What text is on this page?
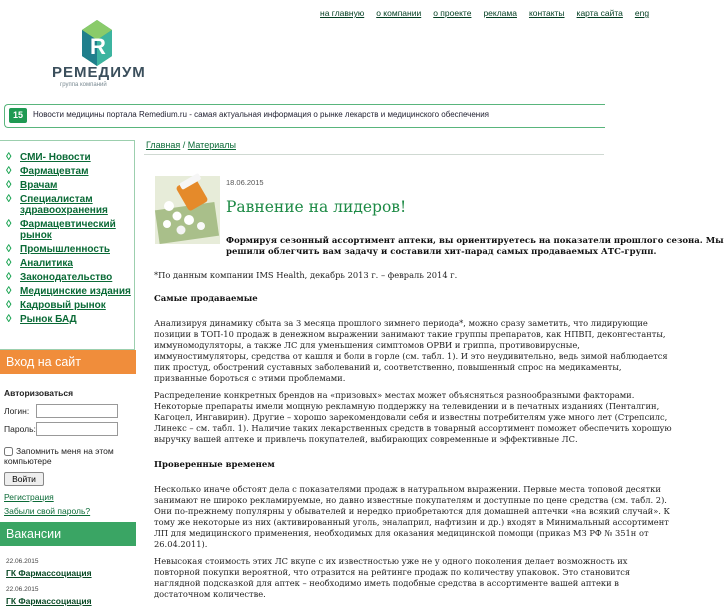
R
РЕМЕДИУМ
группа компаний
на главную о компании о проекте реклама контакты карта сайта eng
15	Новости медицины портала Remedium.ru - самая актуальная информация о рынке лекарств и медицинского обеспечения
◊ СМИ- Новости
◊ Фармацевтам
◊ Врачам
◊ Специалистам здравоохранения
◊ Фармацевтический рынок
◊ Промышленность
◊ Аналитика
◊ Законодательство
◊ Медицинские издания
◊ Кадровый рынок
◊ Рынок БАД
Вход на сайт
Авторизоваться
Логин:
Пароль:
Запомнить меня на этом компьютере
Войти
Регистрация
Забыли свой пароль?
Вакансии
22.06.2015
ГК Фармассоциация
22.06.2015
ГК Фармассоциация
Главная / Материалы
18.06.2015
Равнение на лидеров!
Формируя сезонный ассортимент аптеки, вы ориентируетесь на показатели прошлого сезона. Мы решили облегчить вам задачу и составили хит-парад самых продаваемых АТС-групп.
*По данным компании IMS Health, декабрь 2013 г. – февраль 2014 г.
Самые продаваемые
Анализируя динамику сбыта за 3 месяца прошлого зимнего периода*, можно сразу заметить, что лидирующие позиции в ТОП-10 продаж в денежном выражении занимают такие группы препаратов, как НПВП, деконгестанты, иммуномодуляторы, а также ЛС для уменьшения симптомов ОРВИ и гриппа, противовирусные, иммуностимуляторы, средства от кашля и боли в горле (см. табл. 1). И это неудивительно, ведь зимой наблюдается пик простуд, обострений суставных заболеваний и, соответственно, повышенный спрос на медикаменты, призванные бороться с этими проблемами.
Распределение конкретных брендов на «призовых» местах может объясняться разнообразными факторами. Некоторые препараты имели мощную рекламную поддержку на телевидении и в печатных изданиях (Пенталгин, Кагоцел, Ингавирин). Другие – хорошо зарекомендовали себя и известны потребителям уже много лет (Стрепсилс, Линекс – см. табл. 1). Наличие таких лекарственных средств в товарный ассортимент поможет обеспечить хорошую выручку вашей аптеке и привлечь покупателей, выбирающих современные и эффективные ЛС.
Проверенные временем
Несколько иначе обстоят дела с показателями продаж в натуральном выражении. Первые места топовой десятки занимают не широко рекламируемые, но давно известные покупателям и доступные по цене средства (см. табл. 2). Они по-прежнему популярны у обывателей и нередко приобретаются для домашней аптечки «на всякий случай». К тому же некоторые из них (активированный уголь, эналаприл, нафтизин и др.) входят в Минимальный ассортимент ЛП для медицинского применения, необходимых для оказания медицинской помощи (приказ МЗ РФ № 351н от 26.04.2011).
Невысокая стоимость этих ЛС вкупе с их известностью уже не у одного поколения делает возможность их повторной покупки вероятной, что отразится на рейтинге продаж по количеству упаковок. Это становится наглядной подсказкой для аптек – необходимо иметь подобные средства в ассортименте вашей аптеки в достаточном количестве.
